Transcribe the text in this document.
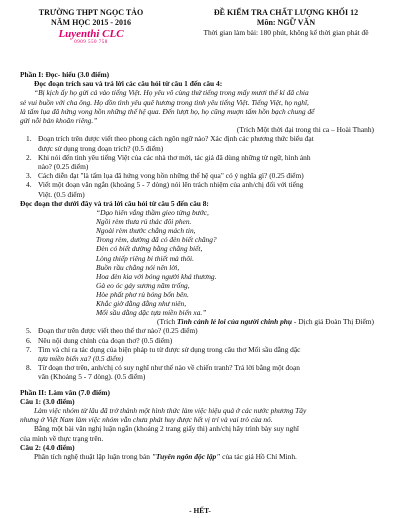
TRƯỜNG THPT NGỌC TẢO
NĂM HỌC 2015 - 2016
Luyenthi CLC
0909 550 758
ĐỀ KIỂM TRA CHẤT LƯỢNG KHỐI 12
Môn: NGỮ VĂN
Thời gian làm bài: 180 phút, không kể thời gian phát đề
Phần I: Đọc- hiểu (3.0 điểm)
Đọc đoạn trích sau và trả lời các câu hỏi từ câu 1 đến câu 4:
“Bị kịch ấy họ gửi cả vào tiếng Việt. Họ yêu vô cùng thứ tiếng trong mấy mươi thế kỉ đã chia
sẻ vui buồn với cha ông. Họ dồn tình yêu quê hương trong tình yêu tiếng Việt. Tiếng Việt, họ nghĩ,
là tấm lụa đã hứng vong hồn những thế hệ qua. Đến lượt họ, họ cũng muợn tấm hồn bạch chung để
gửi nỗi bản khoăn riêng.”
(Trích Một thời đại trong thi ca – Hoài Thanh)
1. Đoạn trích trên được viết theo phong cách ngôn ngữ nào? Xác định các phương thức biểu đạt
được sử dụng trong đoạn trích? (0.5 điểm)
2. Khi nói đến tình yêu tiếng Việt của các nhà thơ mới, tác giả đã dùng những từ ngữ, hình ảnh
nào? (0.25 điểm)
3. Cách diễn đạt "là tấm lụa đã hứng vong hồn những thế hệ qua" có ý nghĩa gì? (0.25 điểm)
4. Viết một đoạn văn ngắn (khoảng 5 - 7 dòng) nói lên trách nhiệm của anh/chị đối với tiếng
Việt. (0.5 điểm)
Đọc đoạn thơ dưới đây và trả lời câu hỏi từ câu 5 đến câu 8:
“Dạo hiên vắng thầm gieo từng bước,
Ngồi rèm thưa rủ thác đôi phen.
Ngoài rèm thước chẳng mách tin,
Trong rèm, dường đã có đèn biết chăng?
Đèn có biết dường bằng chẳng biết,
Lòng thiếp riêng bi thiết mà thôi.
Buồn rầu chẳng nói nên lời,
Hoa đèn kia với bóng người khá thương.
Gà eo óc gáy sương năm trống,
Hòe phất phơ rủ bóng bốn bên.
Khắc giờ đằng đẵng như niên,
Mối sầu dằng dặc tựa miền biển xa.”
(Trích Tình cảnh lẻ loi của người chinh phụ - Dịch giả Đoàn Thị Điểm)
5. Đoạn thơ trên được viết theo thể thơ nào? (0.25 điểm)
6. Nêu nội dung chính của đoạn thơ? (0.5 điểm)
7. Tìm và chỉ ra tác dụng của biện pháp tu từ được sử dụng trong câu thơ Mối sầu dằng dặc
tựa miền biển xa? (0.5 điểm)
8. Từ đoạn thơ trên, anh/chị có suy nghĩ như thế nào về chiến tranh? Trả lời bằng một đoạn
văn (Khoảng 5 - 7 dòng). (0.5 điểm)
Phần II: Làm văn (7.0 điểm)
Câu 1: (3.0 điểm)
Làm việc nhóm từ lâu đã trở thành một hình thức làm việc hiệu quả ở các nước phương Tây
nhưng ở Việt Nam làm việc nhóm vẫn chưa phát huy được hết vị trí và vai trò của nó.
Bằng một bài văn nghị luận ngắn (khoảng 2 trang giấy thi) anh/chị hãy trình bày suy nghĩ
của mình về thực trạng trên.
Câu 2: (4.0 điểm)
Phân tích nghệ thuật lập luận trong bản "Tuyên ngôn độc lập" của tác giả Hồ Chí Minh.
- HẾT-
